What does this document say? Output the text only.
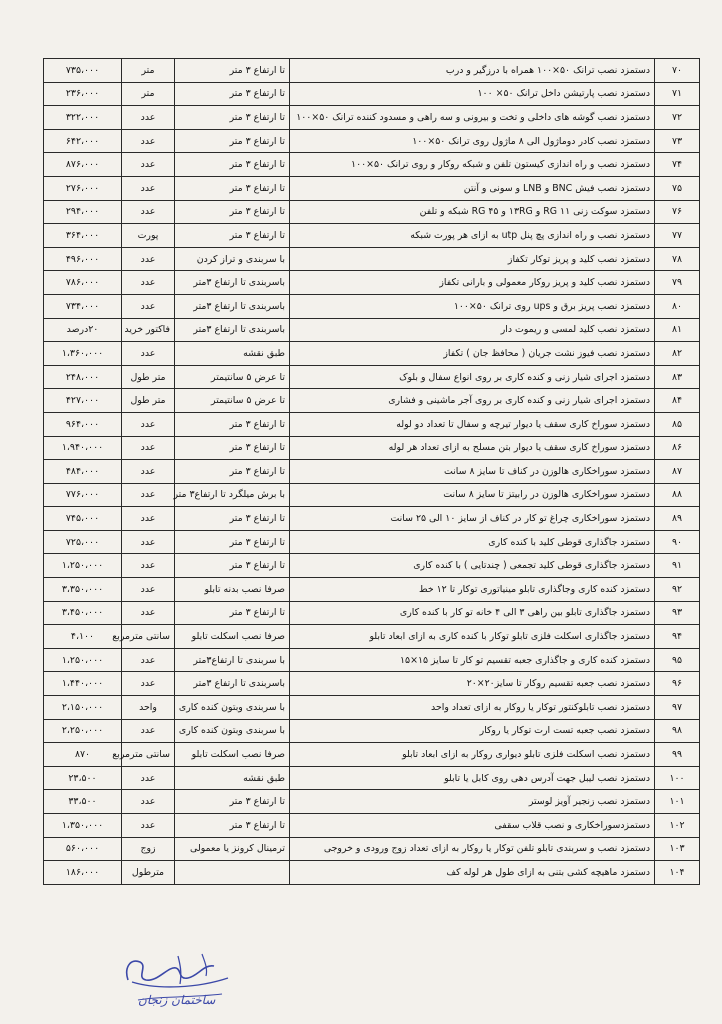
۷۰	دستمزد نصب ترانک ۵۰×۱۰۰ همراه با درزگیر و درب	تا ارتفاع ۳ متر	متر	۷۳۵،۰۰۰
۷۱	دستمزد نصب پارتیشن داخل ترانک ۵۰× ۱۰۰	تا ارتفاع ۳ متر	متر	۲۳۶،۰۰۰
۷۲	دستمزد نصب گوشه های داخلی و تخت و بیرونی و سه راهی و مسدود کننده ترانک ۵۰×۱۰۰	تا ارتفاع ۳ متر	عدد	۳۲۲،۰۰۰
۷۳	دستمزد نصب کادر دوماژول الی ۸ ماژول روی ترانک ۵۰×۱۰۰	تا ارتفاع ۳ متر	عدد	۶۴۲،۰۰۰
۷۴	دستمزد نصب و راه اندازی کیستون تلفن و شبکه روکار و روی ترانک ۵۰×۱۰۰	تا ارتفاع ۳ متر	عدد	۸۷۶،۰۰۰
۷۵	دستمزد نصب فیش BNC و LNB و سونی و آنتن	تا ارتفاع ۳ متر	عدد	۲۷۶،۰۰۰
۷۶	دستمزد سوکت زنی ۱۱ RG و ۱۳RG و ۴۵ RG شبکه و تلفن	تا ارتفاع ۳ متر	عدد	۲۹۴،۰۰۰
۷۷	دستمزد نصب و راه اندازی پچ پنل utp به ازای هر پورت شبکه	تا ارتفاع ۳ متر	پورت	۳۶۴،۰۰۰
۷۸	دستمزد نصب کلید و پریز توکار تکفاز	با سربندی و تراز کردن	عدد	۴۹۶،۰۰۰
۷۹	دستمزد نصب کلید و پریز روکار معمولی و بارانی تکفاز	باسربندی تا ارتفاع ۳متر	عدد	۷۸۶،۰۰۰
۸۰	دستمزد نصب پریز برق و ups روی ترانک ۵۰×۱۰۰	باسربندی تا ارتفاع ۳متر	عدد	۷۳۴،۰۰۰
۸۱	دستمزد نصب کلید لمسی و ریموت دار	باسربندی تا ارتفاع ۳متر	فاکتور خرید	۲۰درصد
۸۲	دستمزد نصب فیوز نشت جریان ( محافظ جان ) تکفاز	طبق نقشه	عدد	۱،۳۶۰،۰۰۰
۸۳	دستمزد اجرای شیار زنی و کنده کاری بر روی انواع سفال و بلوک	تا عرض ۵ سانتیمتر	متر طول	۲۴۸،۰۰۰
۸۴	دستمزد اجرای شیار زنی و کنده کاری بر روی آجر ماشینی و فشاری	تا عرض ۵ سانتیمتر	متر طول	۴۲۷،۰۰۰
۸۵	دستمزد سوراخ کاری سقف یا دیوار تیرچه و سفال تا تعداد دو لوله	تا ارتفاع ۳ متر	عدد	۹۶۴،۰۰۰
۸۶	دستمزد سوراخ کاری سقف یا دیوار بتن مسلح به ازای تعداد هر لوله	تا ارتفاع ۳ متر	عدد	۱،۹۴۰،۰۰۰
۸۷	دستمزد سوراخکاری هالوزن در کناف تا سایز ۸ سانت	تا ارتفاع ۳ متر	عدد	۴۸۴،۰۰۰
۸۸	دستمزد سوراخکاری هالوزن در رابیتز تا سایز ۸ سانت	با برش میلگرد تا ارتفاع۳ متر	عدد	۷۷۶،۰۰۰
۸۹	دستمزد سوراخکاری چراغ تو کار در کناف از سایز ۱۰ الی ۲۵ سانت	تا ارتفاع ۳ متر	عدد	۷۴۵،۰۰۰
۹۰	دستمزد جاگذاری قوطی کلید با کنده کاری	تا ارتفاع ۳ متر	عدد	۷۲۵،۰۰۰
۹۱	دستمزد جاگذاری قوطی کلید تجمعی ( چندتایی ) با کنده کاری	تا ارتفاع ۳ متر	عدد	۱،۲۵۰،۰۰۰
۹۲	دستمزد کنده کاری وجاگذاری تابلو مینیاتوری توکار تا ۱۲ خط	صرفا نصب بدنه تابلو	عدد	۳،۳۵۰،۰۰۰
۹۳	دستمزد جاگذاری تابلو بین راهی ۳ الی ۴ خانه تو کار با کنده کاری	تا ارتفاع ۳ متر	عدد	۳،۴۵۰،۰۰۰
۹۴	دستمزد جاگذاری اسکلت فلزی تابلو توکار با کنده کاری به ازای ابعاد تابلو	صرفا نصب اسکلت تابلو	سانتی مترمربع	۴،۱۰۰
۹۵	دستمزد کنده کاری و جاگذاری جعبه تقسیم تو کار تا سایز ۱۵×۱۵	با سربندی تا ارتفاع۳متر	عدد	۱،۲۵۰،۰۰۰
۹۶	دستمزد نصب جعبه تقسیم روکار تا سایز۲۰×۲۰	باسربندی تا ارتفاع ۳متر	عدد	۱،۴۴۰،۰۰۰
۹۷	دستمزد نصب تابلوکنتور توکار یا روکار به ازای تعداد واحد	با سربندی وبتون کنده کاری	واحد	۲،۱۵۰،۰۰۰
۹۸	دستمزد نصب جعبه تست ارت توکار یا روکار	با سربندی وبتون کنده کاری	عدد	۲،۲۵۰،۰۰۰
۹۹	دستمزد نصب اسکلت فلزی تابلو دیواری روکار به ازای ابعاد تابلو	صرفا نصب اسکلت تابلو	سانتی مترمربع	۸۷۰
۱۰۰	دستمزد نصب لیبل جهت آدرس دهی روی کابل یا تابلو	طبق نقشه	عدد	۲۳،۵۰۰
۱۰۱	دستمزد نصب زنجیر آویز لوستر	تا ارتفاع ۳ متر	عدد	۳۳،۵۰۰
۱۰۲	دستمزدسوراخکاری و نصب قلاب سقفی	تا ارتفاع ۳ متر	عدد	۱،۳۵۰،۰۰۰
۱۰۳	دستمزد نصب و سربندی تابلو تلفن توکار یا روکار به ازای تعداد زوج ورودی و خروجی	ترمینال کرونز یا معمولی	زوج	۵۶۰،۰۰۰
۱۰۴	دستمزد ماهیچه کشی بتنی به ازای طول هر لوله کف		مترطول	۱۸۶،۰۰۰
ساختمان زنجان
